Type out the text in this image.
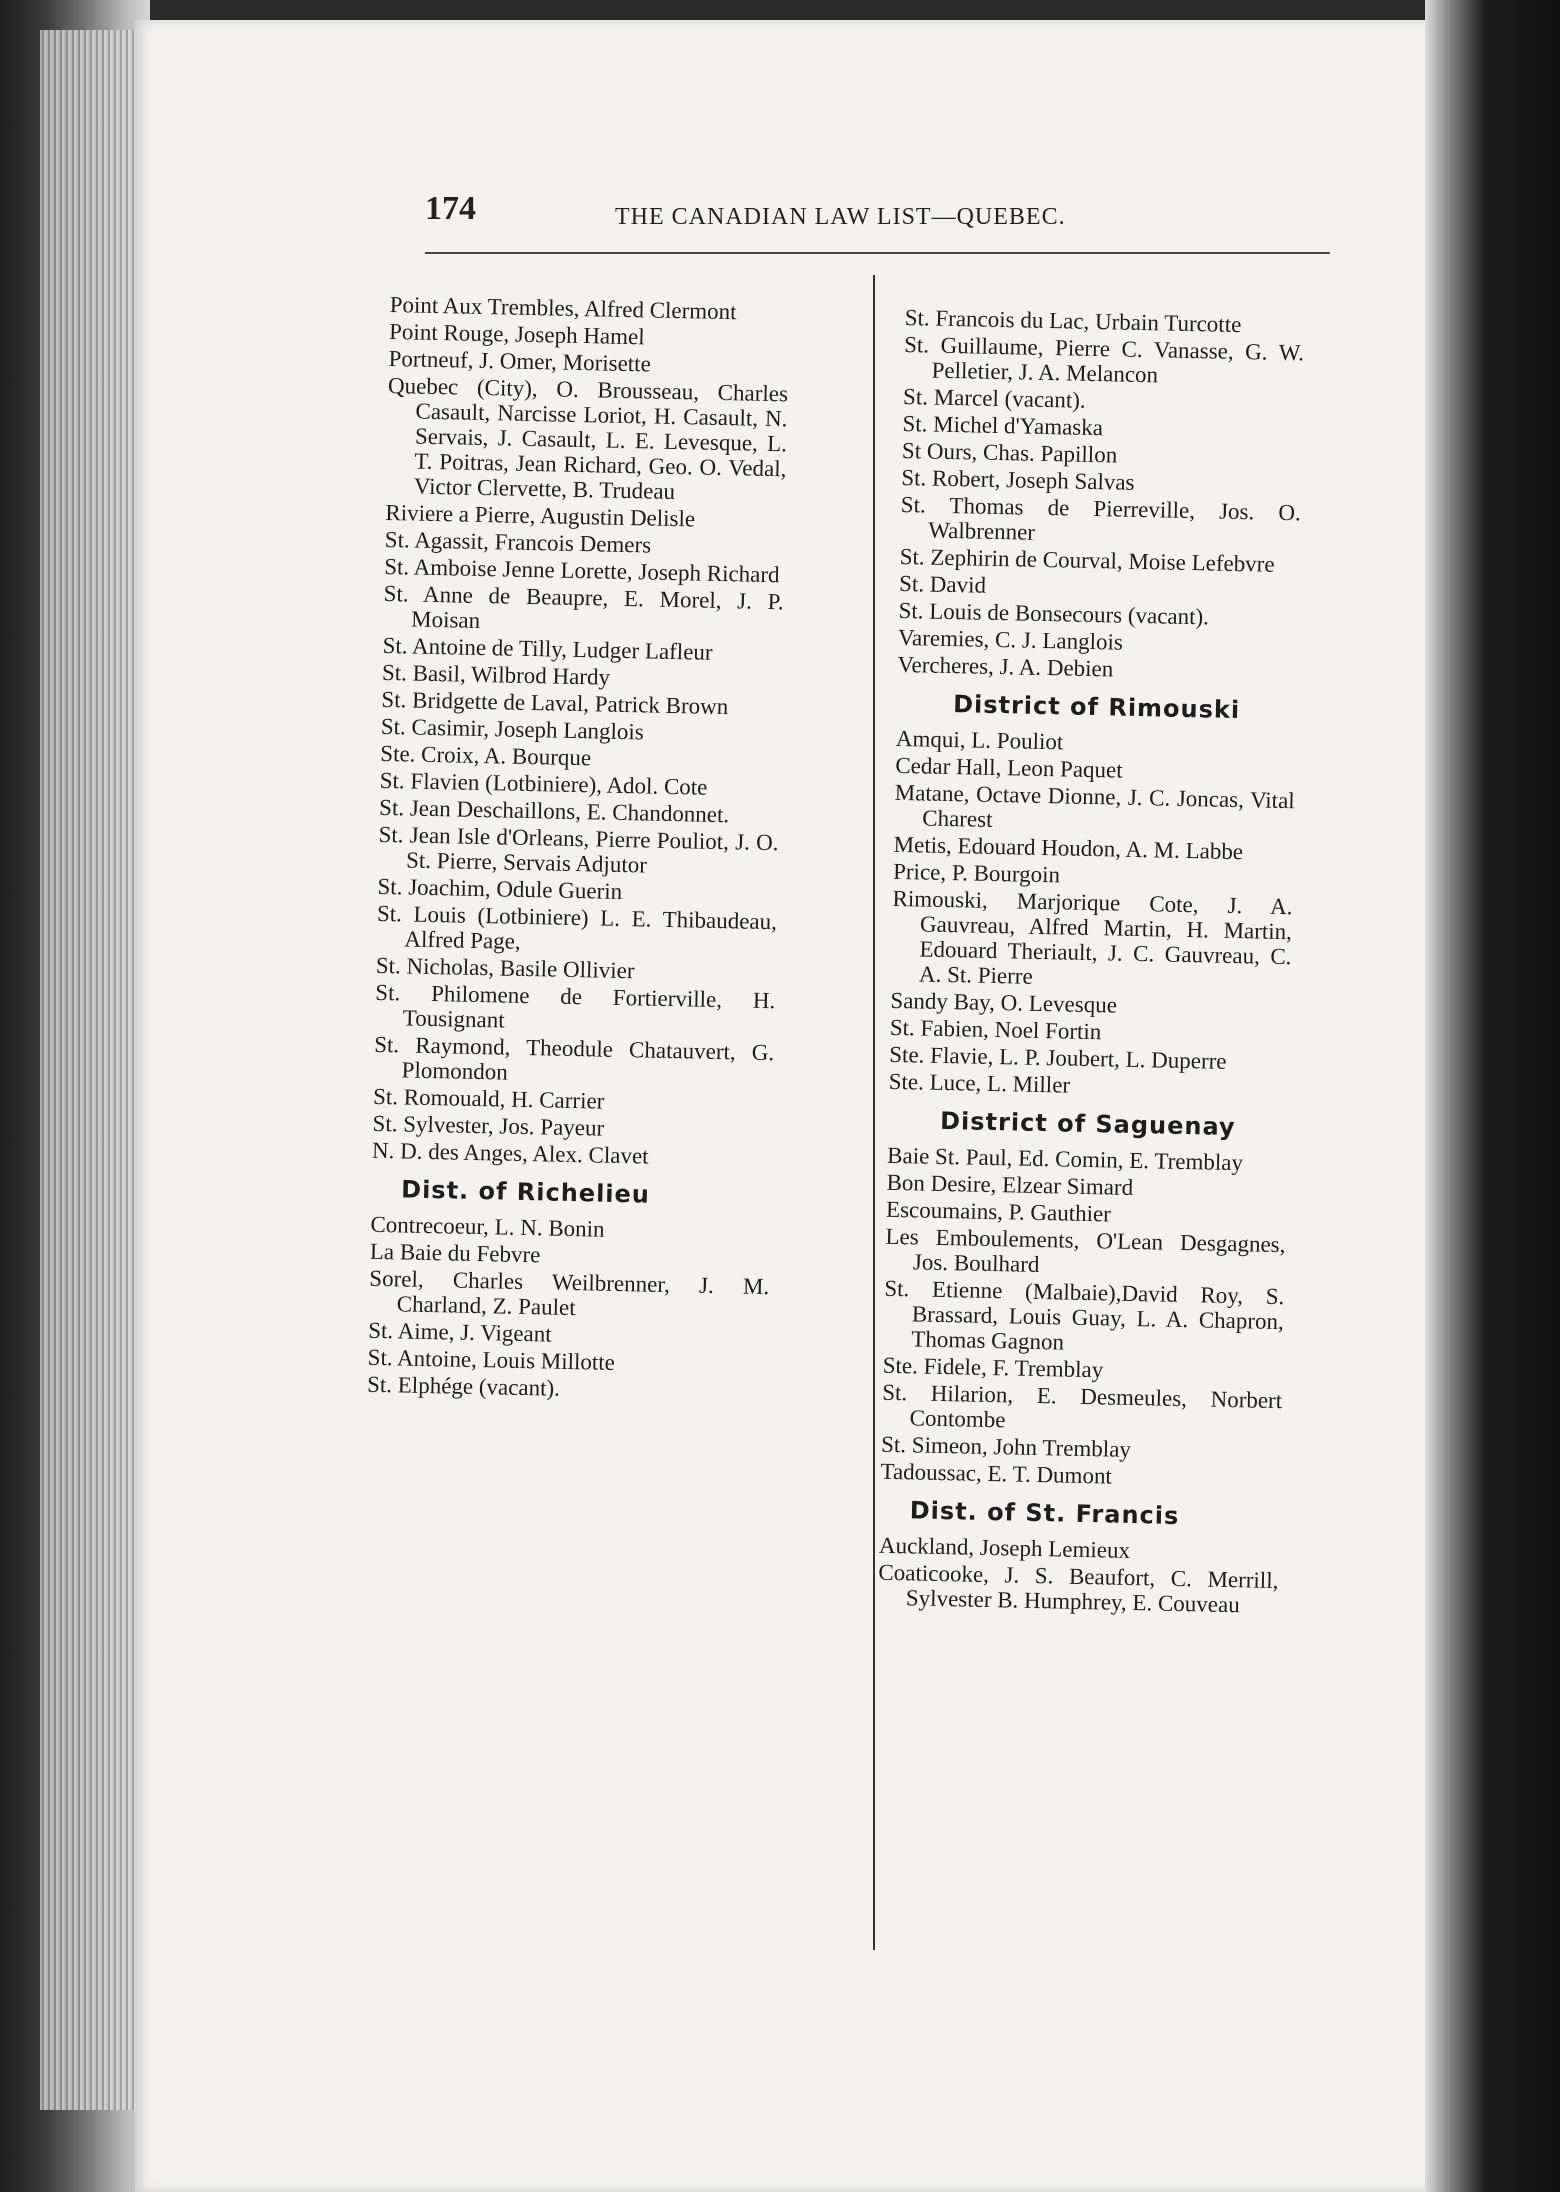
174	THE CANADIAN LAW LIST—QUEBEC.
Point Aux Trembles, Alfred Clermont
Point Rouge, Joseph Hamel
Portneuf, J. Omer, Morisette
Quebec (City), O. Brousseau, Charles Casault, Narcisse Loriot, H. Casault, N. Servais, J. Casault, L. E. Levesque, L. T. Poitras, Jean Richard, Geo. O. Vedal, Victor Clervette, B. Trudeau
Riviere a Pierre, Augustin Delisle
St. Agassit, Francois Demers
St. Amboise Jenne Lorette, Joseph Richard
St. Anne de Beaupre, E. Morel, J. P. Moisan
St. Antoine de Tilly, Ludger Lafleur
St. Basil, Wilbrod Hardy
St. Bridgette de Laval, Patrick Brown
St. Casimir, Joseph Langlois
Ste. Croix, A. Bourque
St. Flavien (Lotbiniere), Adol. Cote
St. Jean Deschaillons, E. Chandonnet.
St. Jean Isle d'Orleans, Pierre Pouliot, J. O. St. Pierre, Servais Adjutor
St. Joachim, Odule Guerin
St. Louis (Lotbiniere) L. E. Thibaudeau, Alfred Page,
St. Nicholas, Basile Ollivier
St. Philomene de Fortierville, H. Tousignant
St. Raymond, Theodule Chatauvert, G. Plomondon
St. Romouald, H. Carrier
St. Sylvester, Jos. Payeur
N. D. des Anges, Alex. Clavet
Dist. of Richelieu
Contrecoeur, L. N. Bonin
La Baie du Febvre
Sorel, Charles Weilbrenner, J. M. Charland, Z. Paulet
St. Aime, J. Vigeant
St. Antoine, Louis Millotte
St. Elphége (vacant).
St. Francois du Lac, Urbain Turcotte
St. Guillaume, Pierre C. Vanasse, G. W. Pelletier, J. A. Melancon
St. Marcel (vacant).
St. Michel d'Yamaska
St Ours, Chas. Papillon
St. Robert, Joseph Salvas
St. Thomas de Pierreville, Jos. O. Walbrenner
St. Zephirin de Courval, Moise Lefebvre
St. David
St. Louis de Bonsecours (vacant).
Varemies, C. J. Langlois
Vercheres, J. A. Debien
District of Rimouski
Amqui, L. Pouliot
Cedar Hall, Leon Paquet
Matane, Octave Dionne, J. C. Joncas, Vital Charest
Metis, Edouard Houdon, A. M. Labbe
Price, P. Bourgoin
Rimouski, Marjorique Cote, J. A. Gauvreau, Alfred Martin, H. Martin, Edouard Theriault, J. C. Gauvreau, C. A. St. Pierre
Sandy Bay, O. Levesque
St. Fabien, Noel Fortin
Ste. Flavie, L. P. Joubert, L. Duperre
Ste. Luce, L. Miller
District of Saguenay
Baie St. Paul, Ed. Comin, E. Tremblay
Bon Desire, Elzear Simard
Escoumains, P. Gauthier
Les Emboulements, O'Lean Desgagnes, Jos. Boulhard
St. Etienne (Malbaie),David Roy, S. Brassard, Louis Guay, L. A. Chapron, Thomas Gagnon
Ste. Fidele, F. Tremblay
St. Hilarion, E. Desmeules, Norbert Contombe
St. Simeon, John Tremblay
Tadoussac, E. T. Dumont
Dist. of St. Francis
Auckland, Joseph Lemieux
Coaticooke, J. S. Beaufort, C. Merrill, Sylvester B. Humphrey, E. Couveau
